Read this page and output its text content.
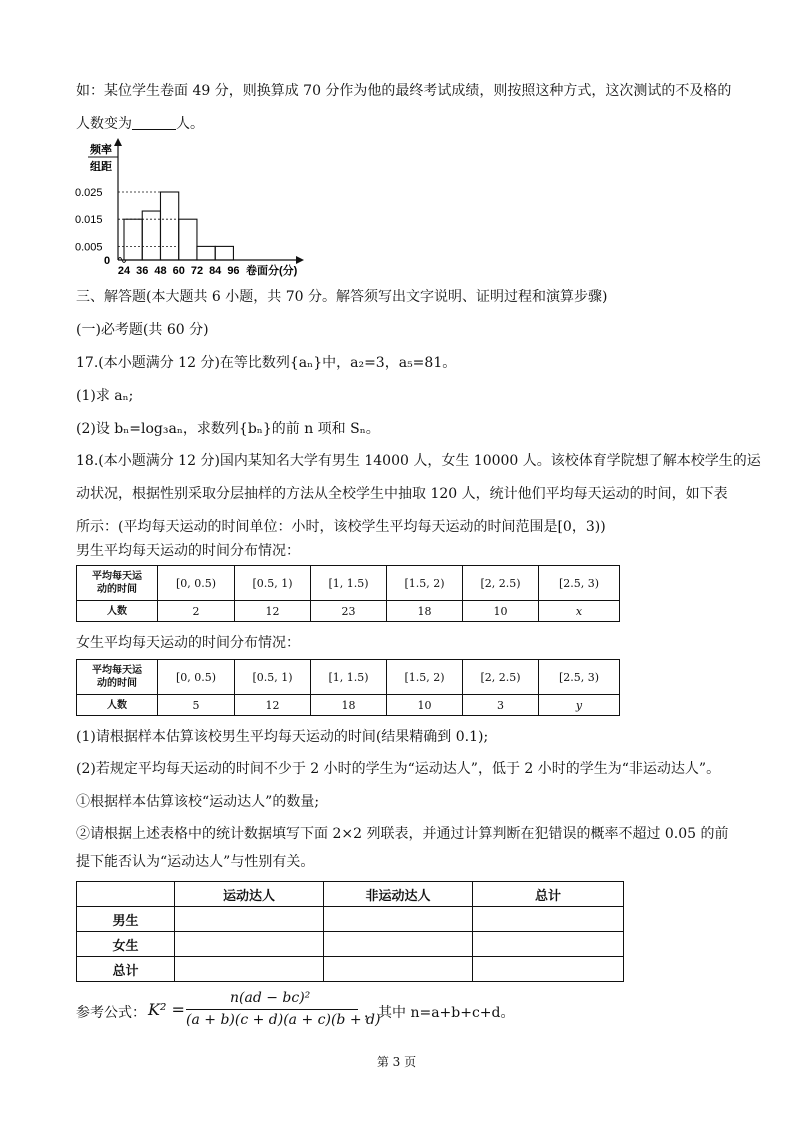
如：某位学生卷面 49 分，则换算成 70 分作为他的最终考试成绩，则按照这种方式，这次测试的不及格的
人数变为	人。
频率
组距
0.025
0.015
0.005
0
24 36 48 60 72 84 96 卷面分(分)
三、解答题(本大题共 6 小题，共 70 分。解答须写出文字说明、证明过程和演算步骤)
(一)必考题(共 60 分)
17.(本小题满分 12 分)在等比数列{aₙ}中，a₂=3，a₅=81。
(1)求 aₙ;
(2)设 bₙ=log₃aₙ，求数列{bₙ}的前 n 项和 Sₙ。
18.(本小题满分 12 分)国内某知名大学有男生 14000 人，女生 10000 人。该校体育学院想了解本校学生的运
动状况，根据性别采取分层抽样的方法从全校学生中抽取 120 人，统计他们平均每天运动的时间，如下表
所示：(平均每天运动的时间单位：小时，该校学生平均每天运动的时间范围是[0，3))
男生平均每天运动的时间分布情况：
平均每天运
动的时间	[0, 0.5)	[0.5, 1)	[1, 1.5)	[1.5, 2)	[2, 2.5)	[2.5, 3)
人数	2	12	23	18	10	x
女生平均每天运动的时间分布情况：
平均每天运
动的时间	[0, 0.5)	[0.5, 1)	[1, 1.5)	[1.5, 2)	[2, 2.5)	[2.5, 3)
人数	5	12	18	10	3	y
(1)请根据样本估算该校男生平均每天运动的时间(结果精确到 0.1);
(2)若规定平均每天运动的时间不少于 2 小时的学生为“运动达人”，低于 2 小时的学生为“非运动达人”。
①根据样本估算该校“运动达人”的数量;
②请根据上述表格中的统计数据填写下面 2×2 列联表，并通过计算判断在犯错误的概率不超过 0.05 的前
提下能否认为“运动达人”与性别有关。
	运动达人	非运动达人	总计
男生			
女生			
总计			
参考公式： K² =
n(ad − bc)²
(a + b)(c + d)(a + c)(b + d)
，其中 n=a+b+c+d。
第 3 页
